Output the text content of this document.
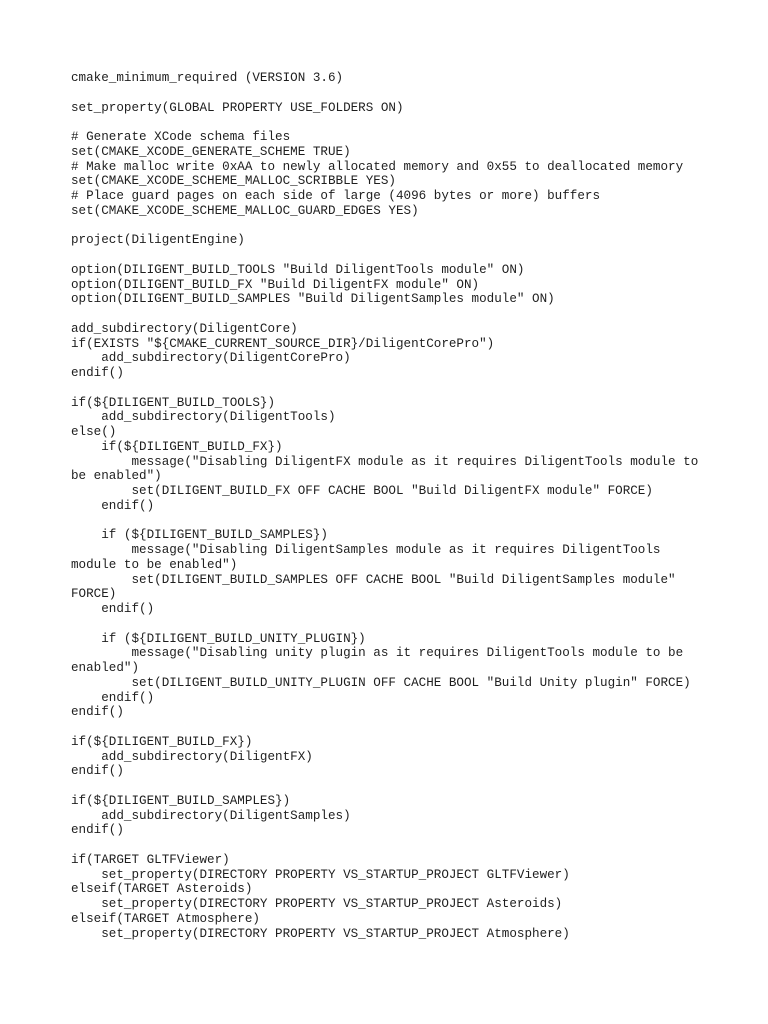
cmake_minimum_required (VERSION 3.6)
set_property(GLOBAL PROPERTY USE_FOLDERS ON)
# Generate XCode schema files
set(CMAKE_XCODE_GENERATE_SCHEME TRUE)
# Make malloc write 0xAA to newly allocated memory and 0x55 to deallocated memory
set(CMAKE_XCODE_SCHEME_MALLOC_SCRIBBLE YES)
# Place guard pages on each side of large (4096 bytes or more) buffers
set(CMAKE_XCODE_SCHEME_MALLOC_GUARD_EDGES YES)
project(DiligentEngine)
option(DILIGENT_BUILD_TOOLS "Build DiligentTools module" ON)
option(DILIGENT_BUILD_FX "Build DiligentFX module" ON)
option(DILIGENT_BUILD_SAMPLES "Build DiligentSamples module" ON)
add_subdirectory(DiligentCore)
if(EXISTS "${CMAKE_CURRENT_SOURCE_DIR}/DiligentCorePro")
add_subdirectory(DiligentCorePro)
endif()
if(${DILIGENT_BUILD_TOOLS})
add_subdirectory(DiligentTools)
else()
if(${DILIGENT_BUILD_FX})
message("Disabling DiligentFX module as it requires DiligentTools module to
be enabled")
set(DILIGENT_BUILD_FX OFF CACHE BOOL "Build DiligentFX module" FORCE)
endif()
if (${DILIGENT_BUILD_SAMPLES})
message("Disabling DiligentSamples module as it requires DiligentTools
module to be enabled")
set(DILIGENT_BUILD_SAMPLES OFF CACHE BOOL "Build DiligentSamples module"
FORCE)
endif()
if (${DILIGENT_BUILD_UNITY_PLUGIN})
message("Disabling unity plugin as it requires DiligentTools module to be
enabled")
set(DILIGENT_BUILD_UNITY_PLUGIN OFF CACHE BOOL "Build Unity plugin" FORCE)
endif()
endif()
if(${DILIGENT_BUILD_FX})
add_subdirectory(DiligentFX)
endif()
if(${DILIGENT_BUILD_SAMPLES})
add_subdirectory(DiligentSamples)
endif()
if(TARGET GLTFViewer)
set_property(DIRECTORY PROPERTY VS_STARTUP_PROJECT GLTFViewer)
elseif(TARGET Asteroids)
set_property(DIRECTORY PROPERTY VS_STARTUP_PROJECT Asteroids)
elseif(TARGET Atmosphere)
set_property(DIRECTORY PROPERTY VS_STARTUP_PROJECT Atmosphere)
